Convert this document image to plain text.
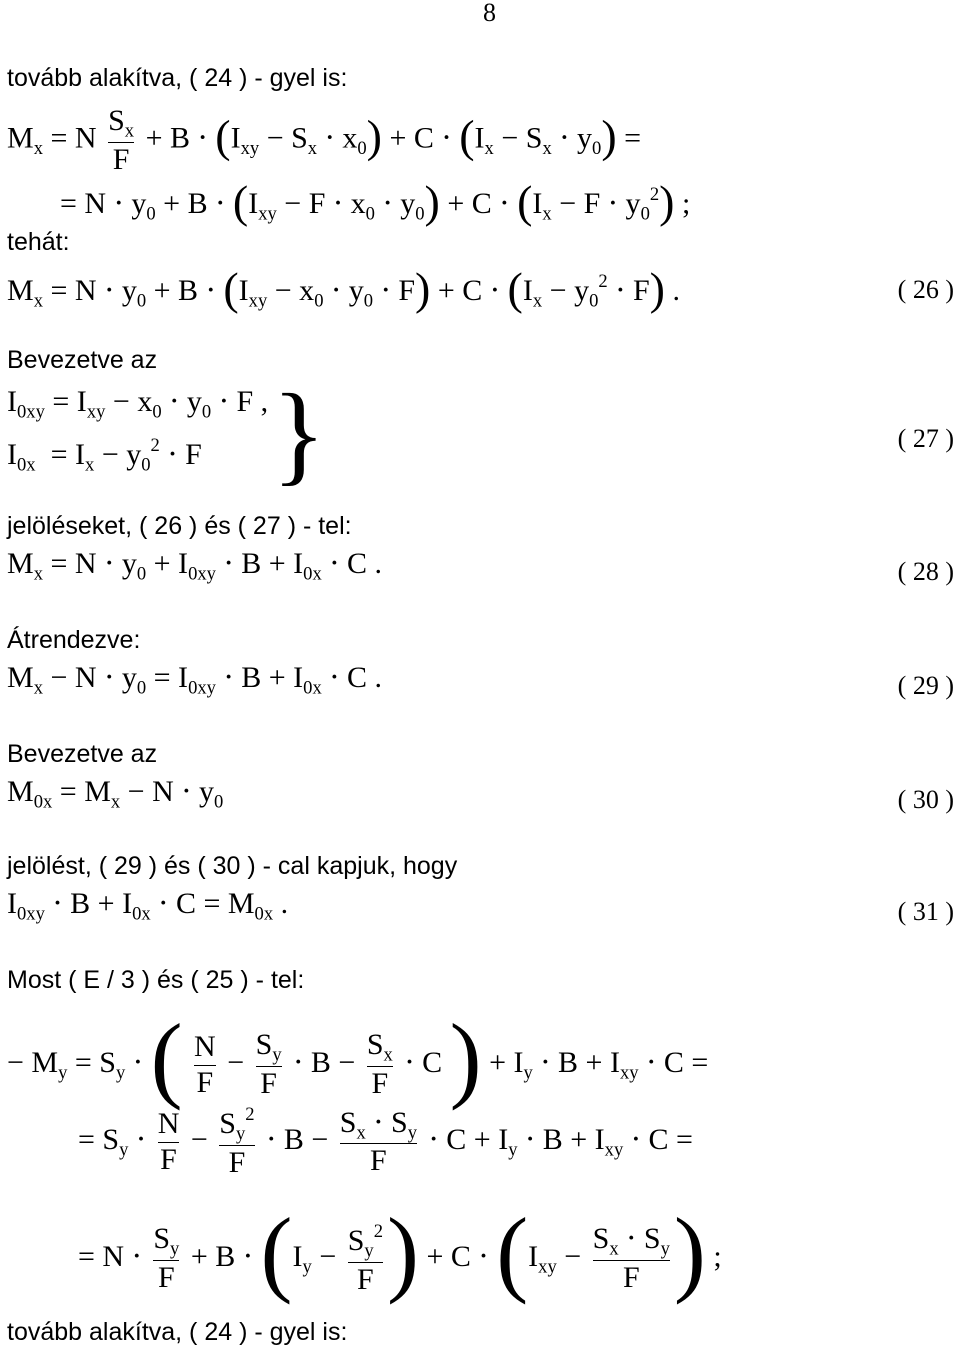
8
tovább alakítva, ( 24 ) - gyel is:
$M_x = N \frac{S_x}{F} + B \cdot (I_{xy} - S_x \cdot x_0) + C \cdot (I_x - S_x \cdot y_0)$ =
= $N \cdot y_0 + B \cdot (I_{xy} - F \cdot x_0 \cdot y_0) + C \cdot (I_x - F \cdot y_0^2)$ ;
tehát:
$M_x = N \cdot y_0 + B \cdot (I_{xy} - x_0 \cdot y_0 \cdot F) + C \cdot (I_x - y_0^2 \cdot F)$ .	( 26 )
Bevezetve az
$I_{0xy} = I_{xy} - x_0 \cdot y_0 \cdot F$ ,
$I_{0x} = I_x - y_0^2 \cdot F$ }	( 27 )
jelöléseket, ( 26 ) és ( 27 ) - tel:
$M_x = N \cdot y_0 + I_{0xy} \cdot B + I_{0x} \cdot C$ .	( 28 )
Átrendezve:
$M_x - N \cdot y_0 = I_{0xy} \cdot B + I_{0x} \cdot C$ .	( 29 )
Bevezetve az
$M_{0x} = M_x - N \cdot y_0$	( 30 )
jelölést, ( 29 ) és ( 30 ) - cal kapjuk, hogy
$I_{0xy} \cdot B + I_{0x} \cdot C = M_{0x}$ .	( 31 )
Most ( E / 3 ) és ( 25 ) - tel:
− $M_y = S_y$ ⋅ ( $\frac{N}{F} - \frac{S_y}{F} \cdot B - \frac{S_x}{F} \cdot C$ ) + $I_y \cdot B + I_{xy} \cdot C$ =
= $S_y \cdot \frac{N}{F} - \frac{S_y^2}{F} \cdot B - \frac{S_x \cdot S_y}{F} \cdot C + I_y \cdot B + I_{xy} \cdot C$ =
= $N \cdot \frac{S_y}{F} + B \cdot (I_y - \frac{S_y^2}{F}$ ) + $C \cdot (I_{xy} - \frac{S_x \cdot S_y}{F}$ ) ;
tovább alakítva, ( 24 ) - gyel is:
